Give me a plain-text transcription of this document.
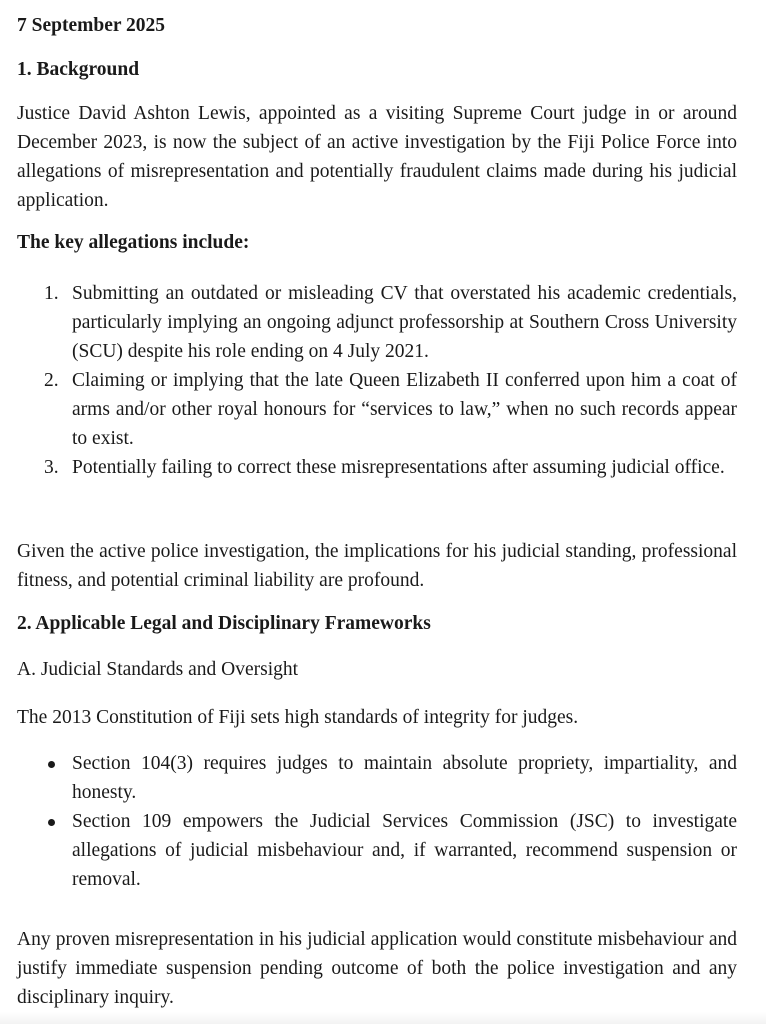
7 September 2025
1. Background
Justice David Ashton Lewis, appointed as a visiting Supreme Court judge in or around December 2023, is now the subject of an active investigation by the Fiji Police Force into allegations of misrepresentation and potentially fraudulent claims made during his judicial application.
The key allegations include:
1. Submitting an outdated or misleading CV that overstated his academic credentials, particularly implying an ongoing adjunct professorship at Southern Cross University (SCU) despite his role ending on 4 July 2021.
2. Claiming or implying that the late Queen Elizabeth II conferred upon him a coat of arms and/or other royal honours for “services to law,” when no such records appear to exist.
3. Potentially failing to correct these misrepresentations after assuming judicial office.
Given the active police investigation, the implications for his judicial standing, professional fitness, and potential criminal liability are profound.
2. Applicable Legal and Disciplinary Frameworks
A. Judicial Standards and Oversight
The 2013 Constitution of Fiji sets high standards of integrity for judges.
Section 104(3) requires judges to maintain absolute propriety, impartiality, and honesty.
Section 109 empowers the Judicial Services Commission (JSC) to investigate allegations of judicial misbehaviour and, if warranted, recommend suspension or removal.
Any proven misrepresentation in his judicial application would constitute misbehaviour and justify immediate suspension pending outcome of both the police investigation and any disciplinary inquiry.
